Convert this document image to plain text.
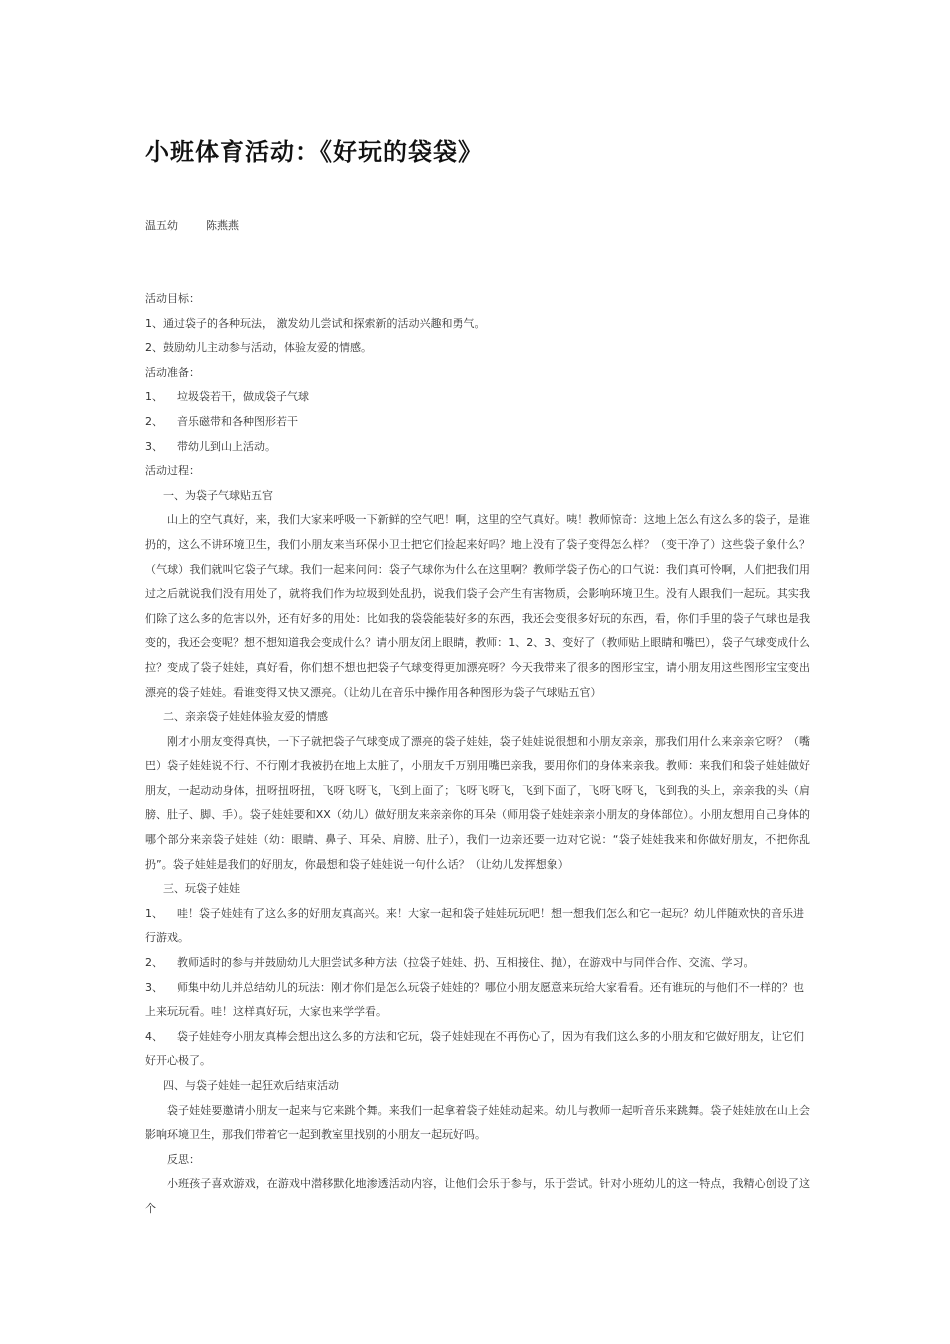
小班体育活动：《好玩的袋袋》
温五幼        陈燕燕

活动目标：

1、通过袋子的各种玩法， 激发幼儿尝试和探索新的活动兴趣和勇气。

2、鼓励幼儿主动参与活动，体验友爱的情感。

活动准备：

1、    垃圾袋若干，做成袋子气球

2、    音乐磁带和各种图形若干

3、    带幼儿到山上活动。

活动过程：

一、为袋子气球贴五官

山上的空气真好，来，我们大家来呼吸一下新鲜的空气吧！啊，这里的空气真好。咦！教师惊奇：这地上怎么有这么多的袋子，是谁扔的，这么不讲环境卫生，我们小朋友来当环保小卫士把它们捡起来好吗？地上没有了袋子变得怎么样？（变干净了）这些袋子象什么？（气球）我们就叫它袋子气球。我们一起来问问：袋子气球你为什么在这里啊？教师学袋子伤心的口气说：我们真可怜啊，人们把我们用过之后就说我们没有用处了，就将我们作为垃圾到处乱扔，说我们袋子会产生有害物质，会影响环境卫生。没有人跟我们一起玩。其实我们除了这么多的危害以外，还有好多的用处：比如我的袋袋能装好多的东西，我还会变很多好玩的东西，看，你们手里的袋子气球也是我变的，我还会变呢？想不想知道我会变成什么？请小朋友闭上眼睛，教师：1、2、3、变好了（教师贴上眼睛和嘴巴），袋子气球变成什么拉？变成了袋子娃娃，真好看，你们想不想也把袋子气球变得更加漂亮呀？今天我带来了很多的图形宝宝，请小朋友用这些图形宝宝变出漂亮的袋子娃娃。看谁变得又快又漂亮。（让幼儿在音乐中操作用各种图形为袋子气球贴五官）

二、亲亲袋子娃娃体验友爱的情感

刚才小朋友变得真快，一下子就把袋子气球变成了漂亮的袋子娃娃，袋子娃娃说很想和小朋友亲亲，那我们用什么来亲亲它呀？（嘴巴）袋子娃娃说不行、不行刚才我被扔在地上太脏了，小朋友千万别用嘴巴亲我，要用你们的身体来亲我。教师：来我们和袋子娃娃做好朋友，一起动动身体，扭呀扭呀扭，飞呀飞呀飞，飞到上面了；飞呀飞呀飞，飞到下面了，飞呀飞呀飞，飞到我的头上，亲亲我的头（肩膀、肚子、脚、手）。袋子娃娃要和XX（幼儿）做好朋友来亲亲你的耳朵（师用袋子娃娃亲亲小朋友的身体部位）。小朋友想用自己身体的哪个部分来亲袋子娃娃（幼：眼睛、鼻子、耳朵、肩膀、肚子），我们一边亲还要一边对它说：“袋子娃娃我来和你做好朋友，不把你乱扔”。袋子娃娃是我们的好朋友，你最想和袋子娃娃说一句什么话？（让幼儿发挥想象）

三、玩袋子娃娃

1、    哇！袋子娃娃有了这么多的好朋友真高兴。来！大家一起和袋子娃娃玩玩吧！想一想我们怎么和它一起玩？幼儿伴随欢快的音乐进行游戏。

2、    教师适时的参与并鼓励幼儿大胆尝试多种方法（拉袋子娃娃、扔、互相接住、抛），在游戏中与同伴合作、交流、学习。

3、    师集中幼儿并总结幼儿的玩法：刚才你们是怎么玩袋子娃娃的？哪位小朋友愿意来玩给大家看看。还有谁玩的与他们不一样的？也上来玩玩看。哇！这样真好玩，大家也来学学看。

4、    袋子娃娃夸小朋友真棒会想出这么多的方法和它玩，袋子娃娃现在不再伤心了，因为有我们这么多的小朋友和它做好朋友，让它们好开心极了。

四、与袋子娃娃一起狂欢后结束活动

袋子娃娃要邀请小朋友一起来与它来跳个舞。来我们一起拿着袋子娃娃动起来。幼儿与教师一起听音乐来跳舞。袋子娃娃放在山上会影响环境卫生，那我们带着它一起到教室里找别的小朋友一起玩好吗。

反思：

小班孩子喜欢游戏，在游戏中潜移默化地渗透活动内容，让他们会乐于参与，乐于尝试。针对小班幼儿的这一特点，我精心创设了这个
